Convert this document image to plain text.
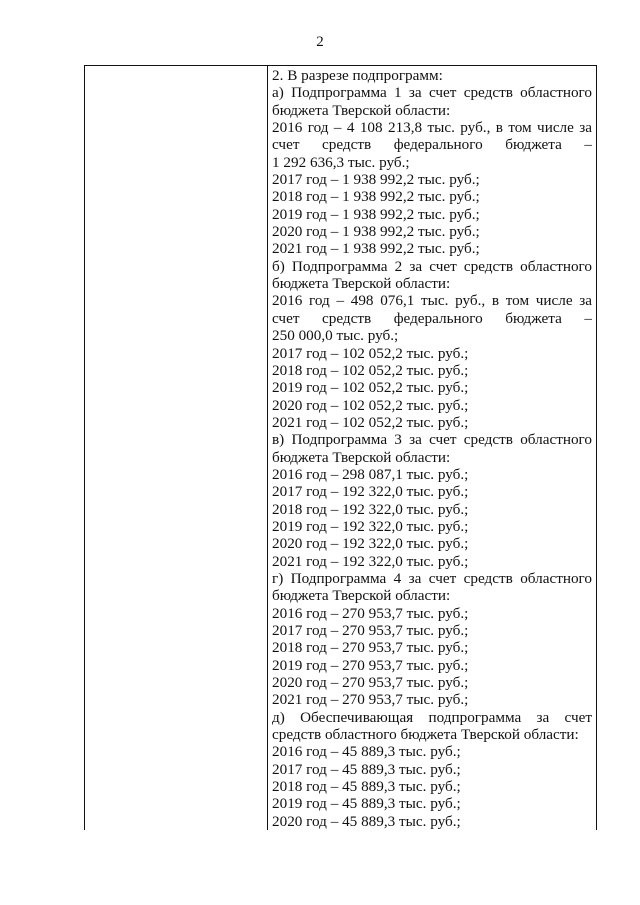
2
2. В разрезе подпрограмм:
а) Подпрограмма 1 за счет средств областного
бюджета Тверской области:
2016 год – 4 108 213,8 тыс. руб., в том числе за
счет средств федерального бюджета –
1 292 636,3 тыс. руб.;
2017 год – 1 938 992,2 тыс. руб.;
2018 год – 1 938 992,2 тыс. руб.;
2019 год – 1 938 992,2 тыс. руб.;
2020 год – 1 938 992,2 тыс. руб.;
2021 год – 1 938 992,2 тыс. руб.;
б) Подпрограмма 2 за счет средств областного
бюджета Тверской области:
2016 год – 498 076,1 тыс. руб., в том числе за
счет средств федерального бюджета –
250 000,0 тыс. руб.;
2017 год – 102 052,2 тыс. руб.;
2018 год – 102 052,2 тыс. руб.;
2019 год – 102 052,2 тыс. руб.;
2020 год – 102 052,2 тыс. руб.;
2021 год – 102 052,2 тыс. руб.;
в) Подпрограмма 3 за счет средств областного
бюджета Тверской области:
2016 год – 298 087,1 тыс. руб.;
2017 год – 192 322,0 тыс. руб.;
2018 год – 192 322,0 тыс. руб.;
2019 год – 192 322,0 тыс. руб.;
2020 год – 192 322,0 тыс. руб.;
2021 год – 192 322,0 тыс. руб.;
г) Подпрограмма 4 за счет средств областного
бюджета Тверской области:
2016 год – 270 953,7 тыс. руб.;
2017 год – 270 953,7 тыс. руб.;
2018 год – 270 953,7 тыс. руб.;
2019 год – 270 953,7 тыс. руб.;
2020 год – 270 953,7 тыс. руб.;
2021 год – 270 953,7 тыс. руб.;
д) Обеспечивающая подпрограмма за счет
средств областного бюджета Тверской области:
2016 год – 45 889,3 тыс. руб.;
2017 год – 45 889,3 тыс. руб.;
2018 год – 45 889,3 тыс. руб.;
2019 год – 45 889,3 тыс. руб.;
2020 год – 45 889,3 тыс. руб.;
